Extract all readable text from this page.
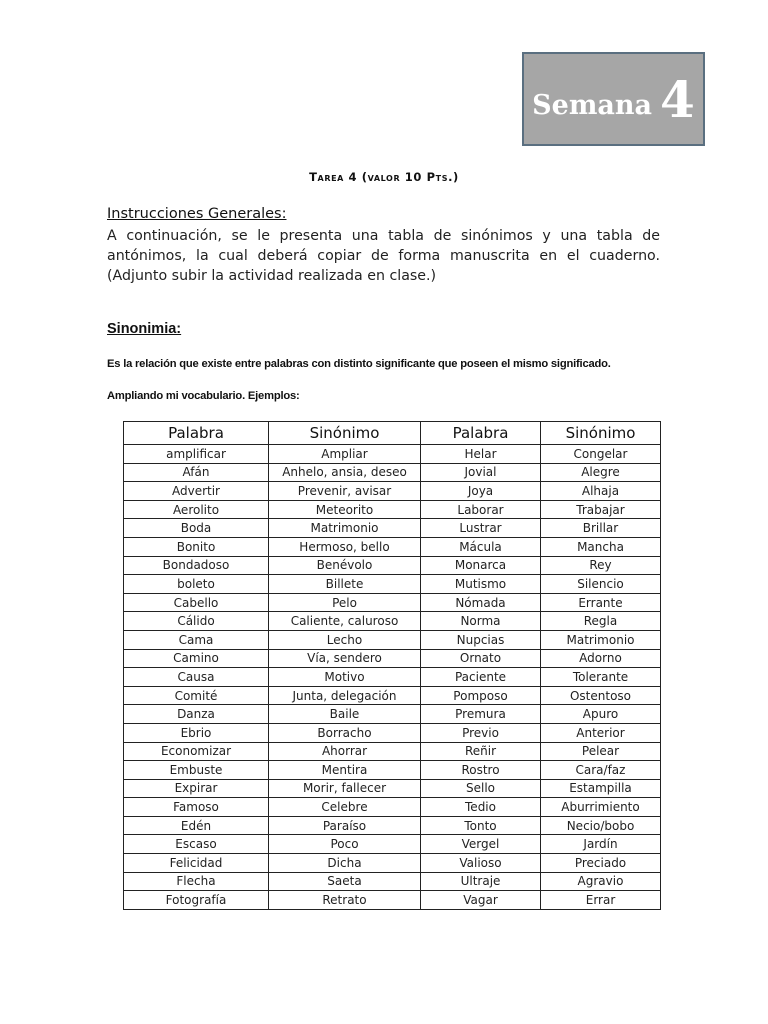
Semana 4
Tarea 4 (valor 10 Pts.)
Instrucciones Generales:
A continuación, se le presenta una tabla de sinónimos y una tabla de antónimos, la cual deberá copiar de forma manuscrita en el cuaderno. (Adjunto subir la actividad realizada en clase.)
Sinonimia:
Es la relación que existe entre palabras con distinto significante que poseen el mismo significado.
Ampliando mi vocabulario. Ejemplos:
Palabra	Sinónimo	Palabra	Sinónimo
amplificar	Ampliar	Helar	Congelar
Afán	Anhelo, ansia, deseo	Jovial	Alegre
Advertir	Prevenir, avisar	Joya	Alhaja
Aerolito	Meteorito	Laborar	Trabajar
Boda	Matrimonio	Lustrar	Brillar
Bonito	Hermoso, bello	Mácula	Mancha
Bondadoso	Benévolo	Monarca	Rey
boleto	Billete	Mutismo	Silencio
Cabello	Pelo	Nómada	Errante
Cálido	Caliente, caluroso	Norma	Regla
Cama	Lecho	Nupcias	Matrimonio
Camino	Vía, sendero	Ornato	Adorno
Causa	Motivo	Paciente	Tolerante
Comité	Junta, delegación	Pomposo	Ostentoso
Danza	Baile	Premura	Apuro
Ebrio	Borracho	Previo	Anterior
Economizar	Ahorrar	Reñir	Pelear
Embuste	Mentira	Rostro	Cara/faz
Expirar	Morir, fallecer	Sello	Estampilla
Famoso	Celebre	Tedio	Aburrimiento
Edén	Paraíso	Tonto	Necio/bobo
Escaso	Poco	Vergel	Jardín
Felicidad	Dicha	Valioso	Preciado
Flecha	Saeta	Ultraje	Agravio
Fotografía	Retrato	Vagar	Errar
